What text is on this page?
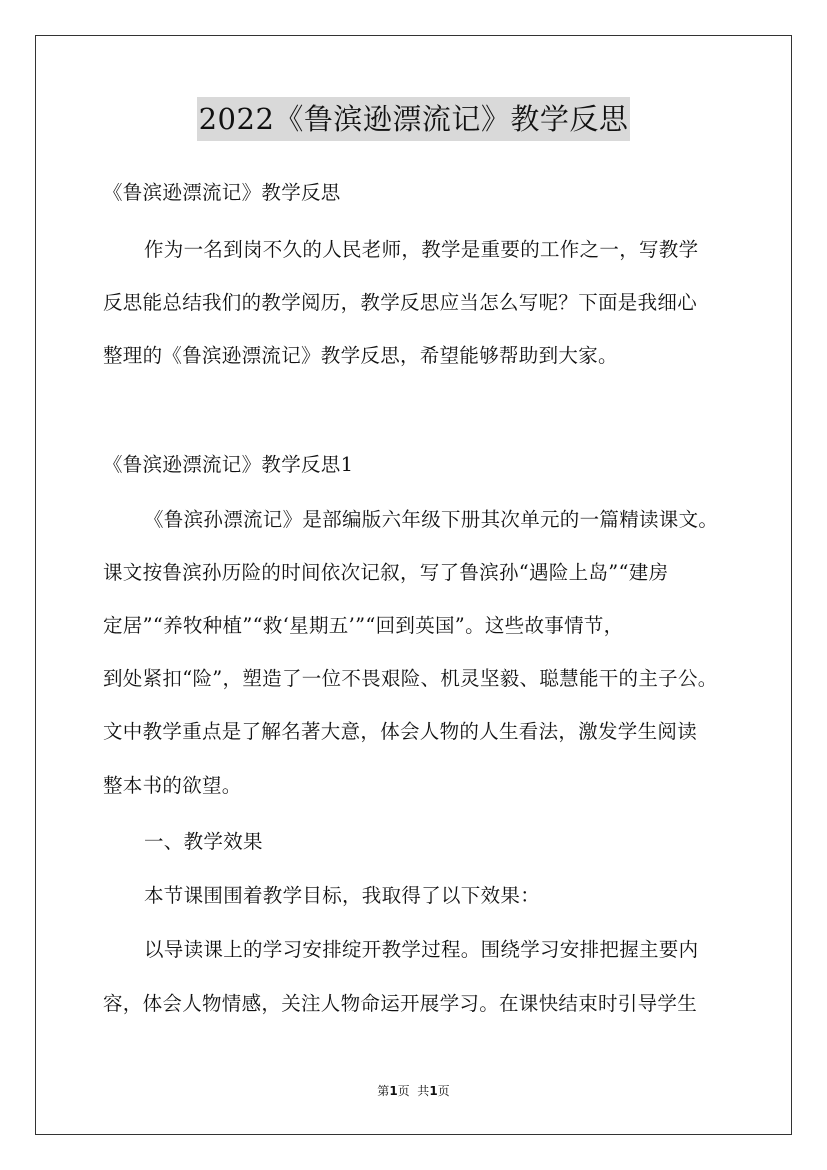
2022《鲁滨逊漂流记》教学反思
《鲁滨逊漂流记》教学反思
作为一名到岗不久的人民老师，教学是重要的工作之一，写教学
反思能总结我们的教学阅历，教学反思应当怎么写呢？下面是我细心
整理的《鲁滨逊漂流记》教学反思，希望能够帮助到大家。
《鲁滨逊漂流记》教学反思1
《鲁滨孙漂流记》是部编版六年级下册其次单元的一篇精读课文。
课文按鲁滨孙历险的时间依次记叙，写了鲁滨孙“遇险上岛”“建房
定居”“养牧种植”“救‘星期五’”“回到英国”。这些故事情节，
到处紧扣“险”，塑造了一位不畏艰险、机灵坚毅、聪慧能干的主子公。
文中教学重点是了解名著大意，体会人物的人生看法，激发学生阅读
整本书的欲望。
一、教学效果
本节课围围着教学目标，我取得了以下效果：
以导读课上的学习安排绽开教学过程。围绕学习安排把握主要内
容，体会人物情感，关注人物命运开展学习。在课快结束时引导学生
第1页  共1页
